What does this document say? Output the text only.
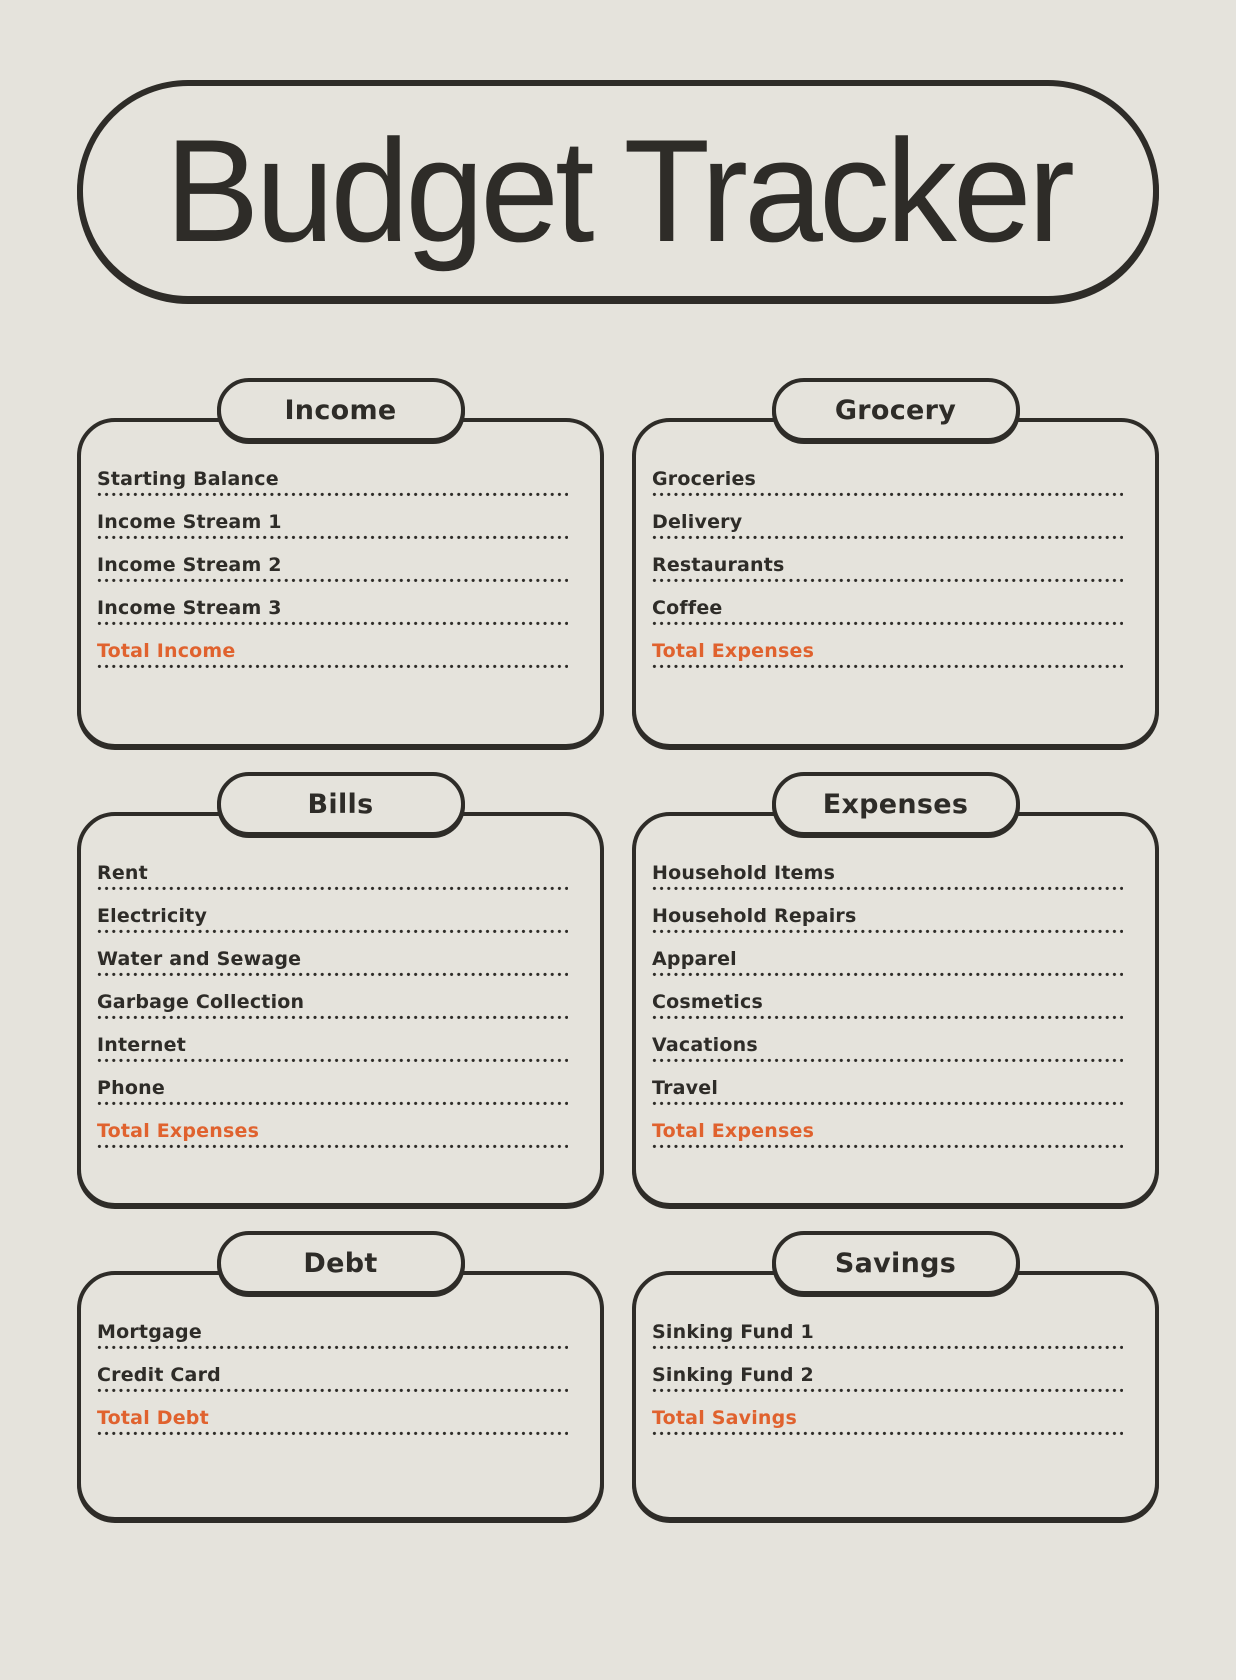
Budget Tracker
Income
Starting Balance
Income Stream 1
Income Stream 2
Income Stream 3
Total Income
Grocery
Groceries
Delivery
Restaurants
Coffee
Total Expenses
Bills
Rent
Electricity
Water and Sewage
Garbage Collection
Internet
Phone
Total Expenses
Expenses
Household Items
Household Repairs
Apparel
Cosmetics
Vacations
Travel
Total Expenses
Debt
Mortgage
Credit Card
Total Debt
Savings
Sinking Fund 1
Sinking Fund 2
Total Savings
